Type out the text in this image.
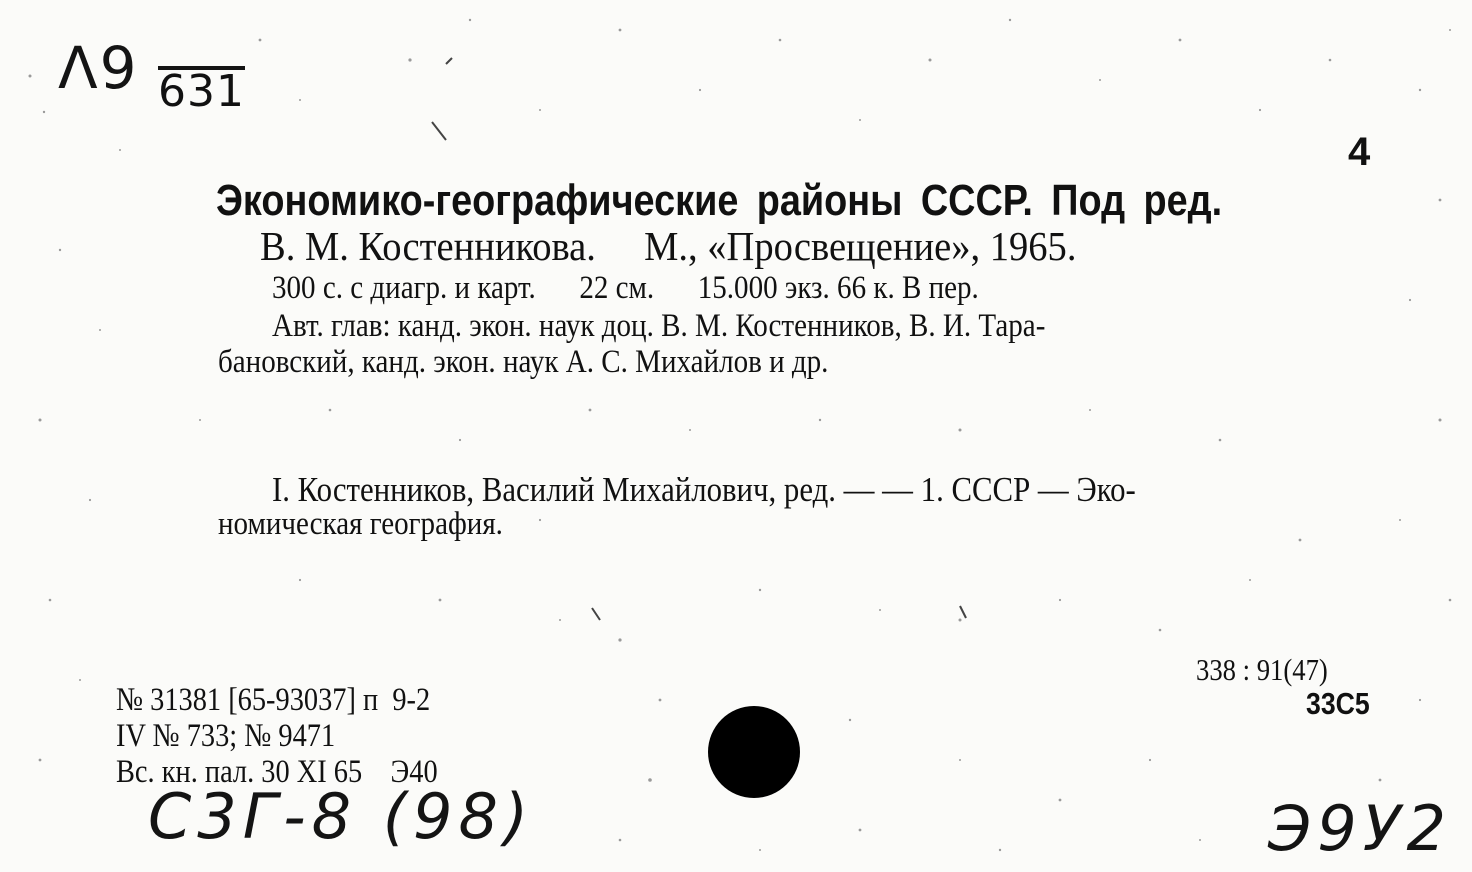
Λ9 631
4
Экономико-географические районы СССР. Под ред.
В. М. Костенникова.     М., «Просвещение», 1965.
300 с. с диагр. и карт.      22 см.      15.000 экз. 66 к. В пер.
Авт. глав: канд. экон. наук доц. В. М. Костенников, В. И. Тара-
бановский, канд. экон. наук А. С. Михайлов и др.
I. Костенников, Василий Михайлович, ред. — — 1. СССР — Эко-
номическая география.
338 : 91(47)
33С5
№ 31381 [65-93037] п  9-2
IV № 733; № 9471
Вс. кн. пал. 30 XI 65    Э40
С3Г-8 (98)	Э9У2
